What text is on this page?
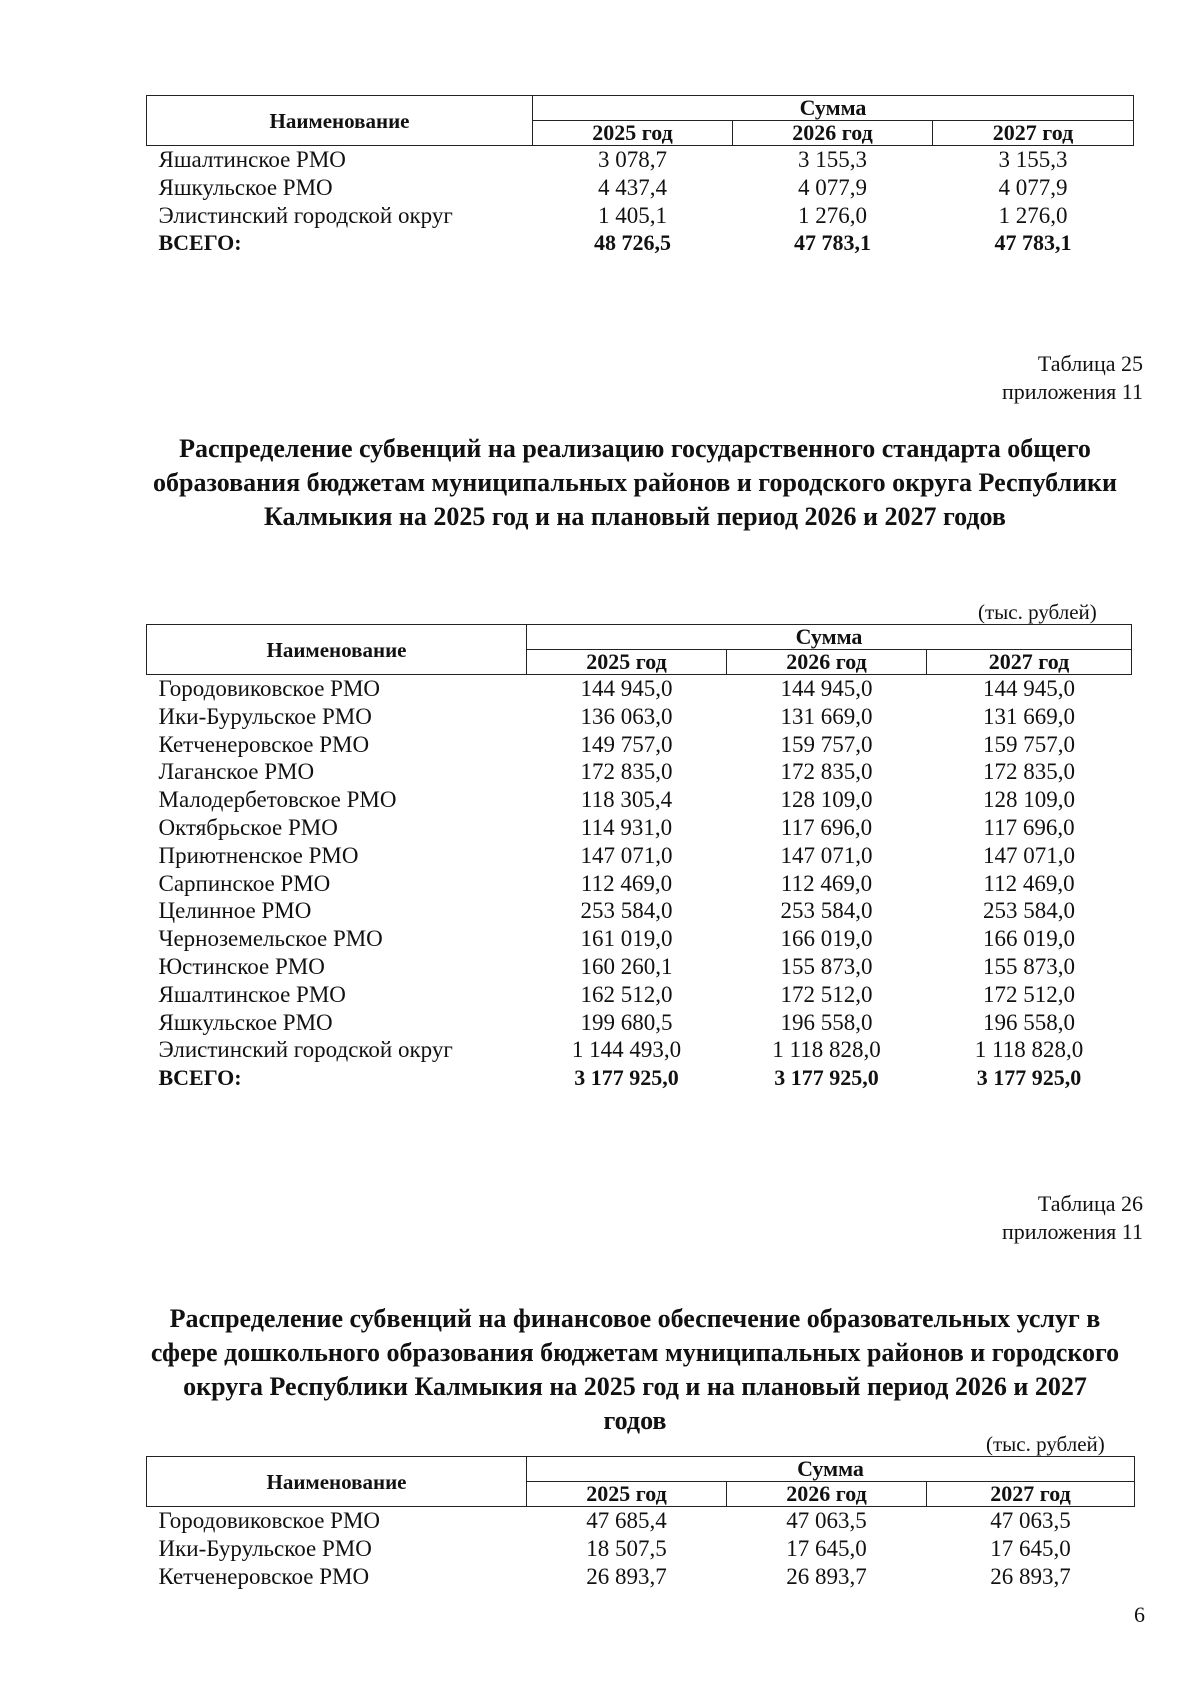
Наименование	Сумма		
	2025 год	2026 год	2027 год
Яшалтинское РМО	3 078,7	3 155,3	3 155,3
Яшкульское РМО	4 437,4	4 077,9	4 077,9
Элистинский городской округ	1 405,1	1 276,0	1 276,0
ВСЕГО:	48 726,5	47 783,1	47 783,1
Таблица 25
приложения 11
Распределение субвенций на реализацию государственного стандарта общего образования бюджетам муниципальных районов и городского округа Республики Калмыкия на 2025 год и на плановый период 2026 и 2027 годов
(тыс. рублей)
Наименование	Сумма		
	2025 год	2026 год	2027 год
Городовиковское РМО	144 945,0	144 945,0	144 945,0
Ики-Бурульское РМО	136 063,0	131 669,0	131 669,0
Кетченеровское РМО	149 757,0	159 757,0	159 757,0
Лаганское РМО	172 835,0	172 835,0	172 835,0
Малодербетовское РМО	118 305,4	128 109,0	128 109,0
Октябрьское РМО	114 931,0	117 696,0	117 696,0
Приютненское РМО	147 071,0	147 071,0	147 071,0
Сарпинское РМО	112 469,0	112 469,0	112 469,0
Целинное РМО	253 584,0	253 584,0	253 584,0
Черноземельское РМО	161 019,0	166 019,0	166 019,0
Юстинское РМО	160 260,1	155 873,0	155 873,0
Яшалтинское РМО	162 512,0	172 512,0	172 512,0
Яшкульское РМО	199 680,5	196 558,0	196 558,0
Элистинский городской округ	1 144 493,0	1 118 828,0	1 118 828,0
ВСЕГО:	3 177 925,0	3 177 925,0	3 177 925,0
Таблица 26
приложения 11
Распределение субвенций на финансовое обеспечение образовательных услуг в сфере дошкольного образования бюджетам муниципальных районов и городского округа Республики Калмыкия на 2025 год и на плановый период 2026 и 2027 годов
(тыс. рублей)
Наименование	Сумма		
	2025 год	2026 год	2027 год
Городовиковское РМО	47 685,4	47 063,5	47 063,5
Ики-Бурульское РМО	18 507,5	17 645,0	17 645,0
Кетченеровское РМО	26 893,7	26 893,7	26 893,7
6
